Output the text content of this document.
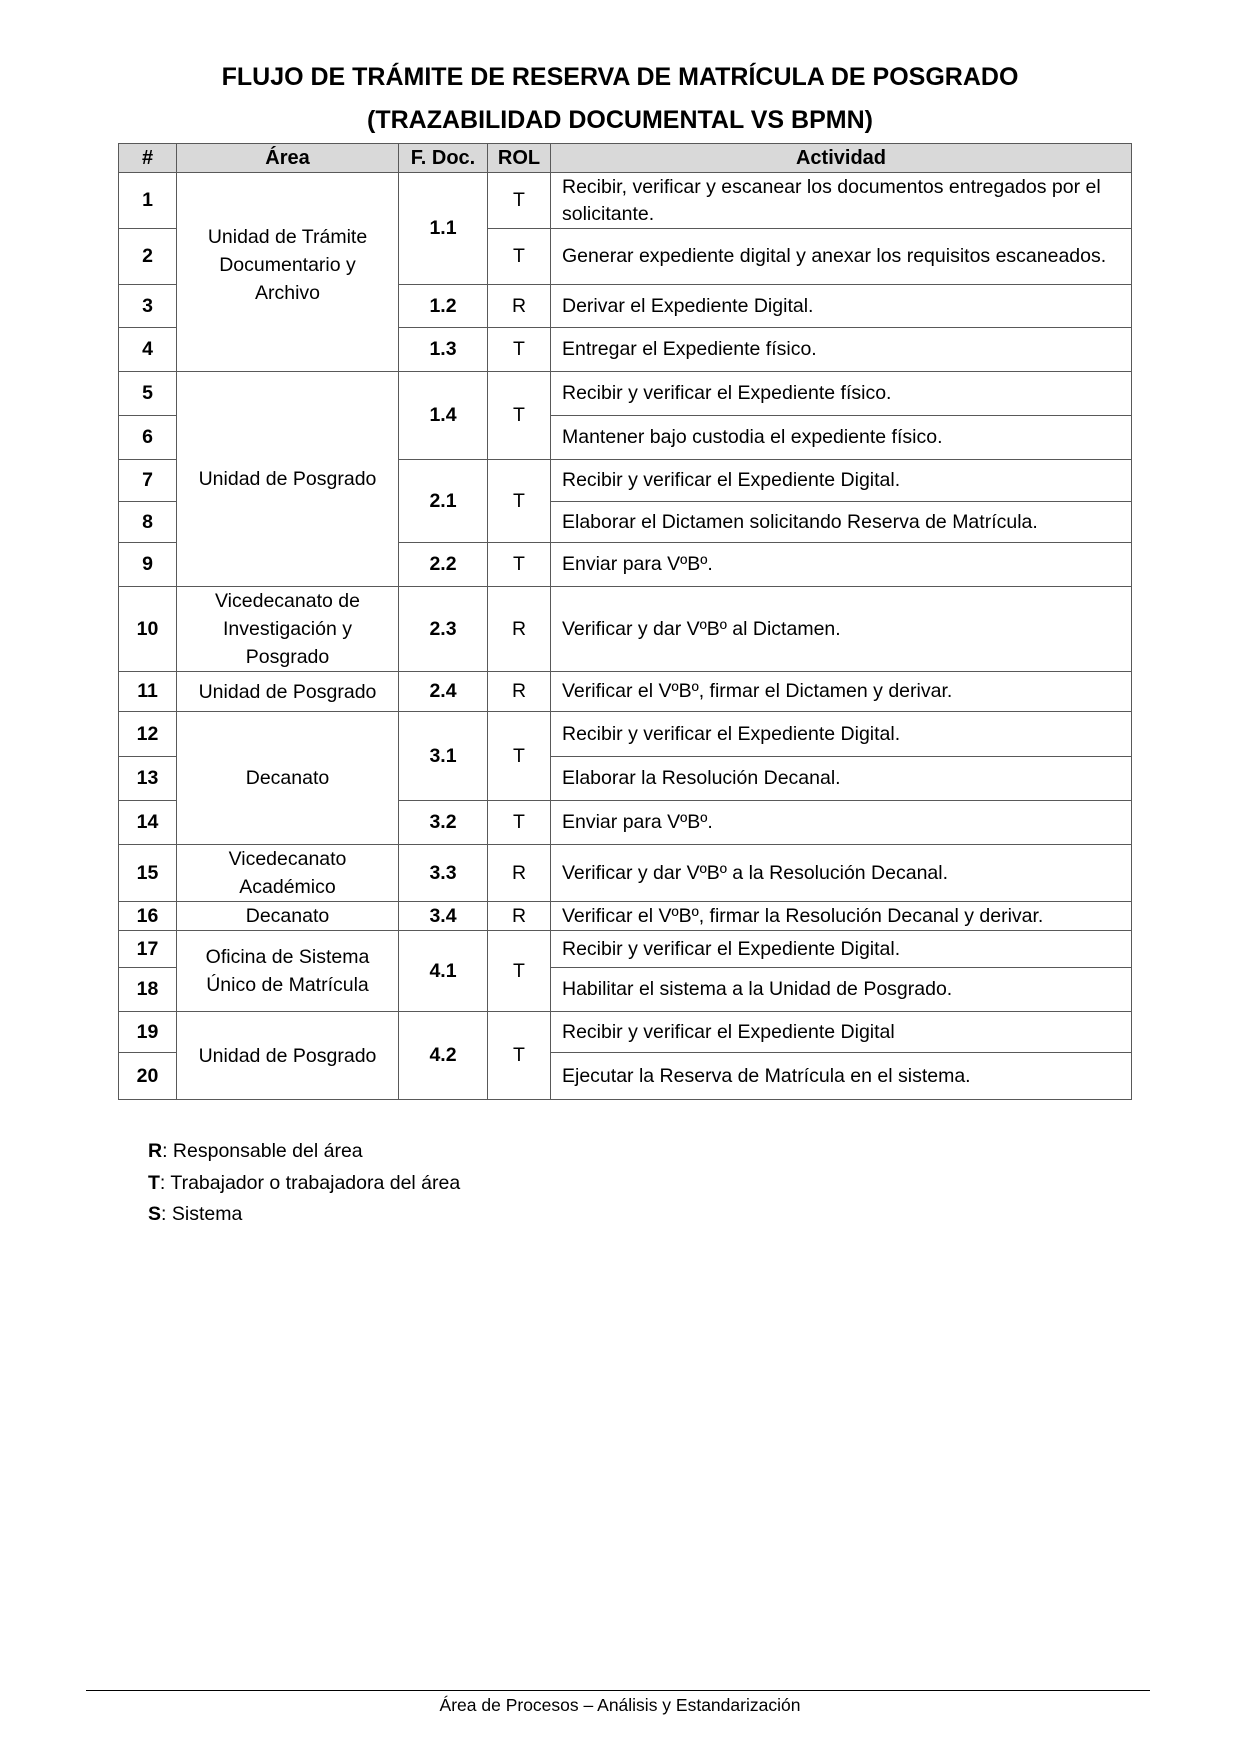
FLUJO DE TRÁMITE DE RESERVA DE MATRÍCULA DE POSGRADO
(TRAZABILIDAD DOCUMENTAL VS BPMN)
#	Área	F. Doc.	ROL	Actividad
1	Unidad de Trámite Documentario y Archivo	1.1	T	Recibir, verificar y escanear los documentos entregados por el solicitante.
2			T	Generar expediente digital y anexar los requisitos escaneados.
3		1.2	R	Derivar el Expediente Digital.
4		1.3	T	Entregar el Expediente físico.
5	Unidad de Posgrado	1.4	T	Recibir y verificar el Expediente físico.
6				Mantener bajo custodia el expediente físico.
7		2.1	T	Recibir y verificar el Expediente Digital.
8				Elaborar el Dictamen solicitando Reserva de Matrícula.
9		2.2	T	Enviar para VºBº.
10	Vicedecanato de Investigación y Posgrado	2.3	R	Verificar y dar VºBº al Dictamen.
11	Unidad de Posgrado	2.4	R	Verificar el VºBº, firmar el Dictamen y derivar.
12	Decanato	3.1	T	Recibir y verificar el Expediente Digital.
13				Elaborar la Resolución Decanal.
14		3.2	T	Enviar para VºBº.
15	Vicedecanato Académico	3.3	R	Verificar y dar VºBº a la Resolución Decanal.
16	Decanato	3.4	R	Verificar el VºBº, firmar la Resolución Decanal y derivar.
17	Oficina de Sistema Único de Matrícula	4.1	T	Recibir y verificar el Expediente Digital.
18				Habilitar el sistema a la Unidad de Posgrado.
19	Unidad de Posgrado	4.2	T	Recibir y verificar el Expediente Digital
20				Ejecutar la Reserva de Matrícula en el sistema.
R: Responsable del área
T: Trabajador o trabajadora del área
S: Sistema
Área de Procesos – Análisis y Estandarización
